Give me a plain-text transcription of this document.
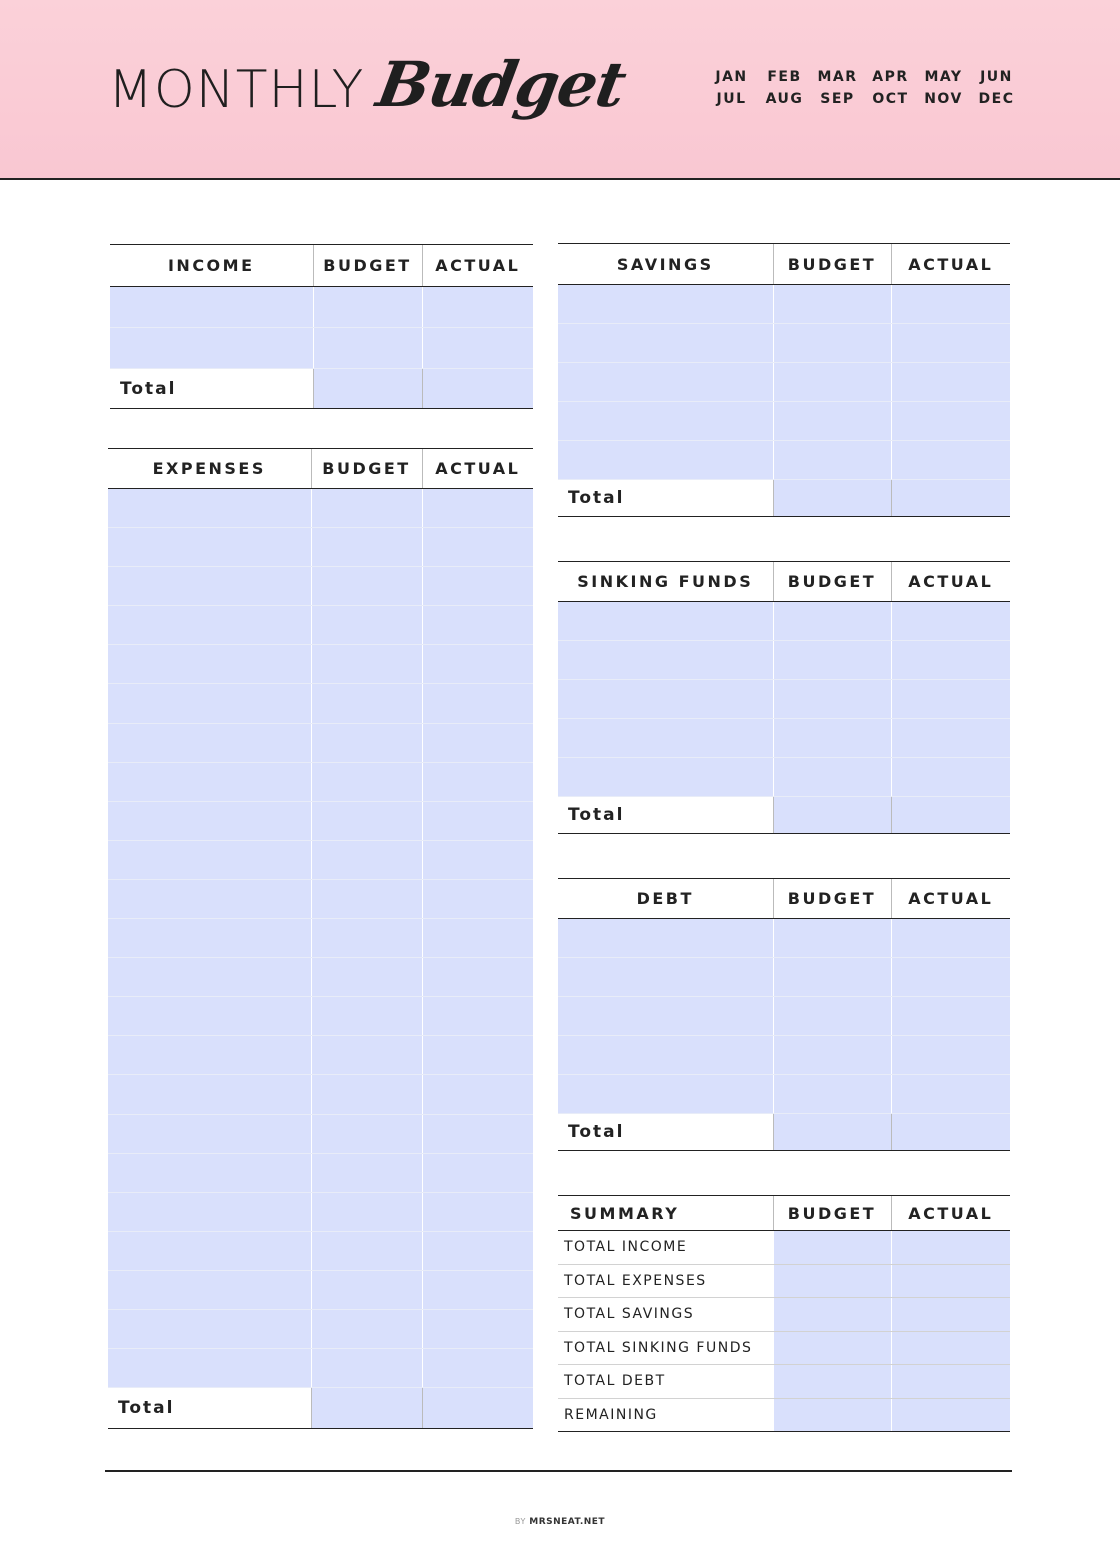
MONTHLY Budget	JAN	FEB	MAR	APR	MAY	JUN
JUL	AUG	SEP	OCT	NOV	DEC
INCOME	BUDGET	ACTUAL

Total		
EXPENSES	BUDGET	ACTUAL

Total		
SAVINGS	BUDGET	ACTUAL

Total		
SINKING FUNDS	BUDGET	ACTUAL

Total		
DEBT	BUDGET	ACTUAL

Total		
SUMMARY	BUDGET	ACTUAL
TOTAL INCOME		
TOTAL EXPENSES		
TOTAL SAVINGS		
TOTAL SINKING FUNDS		
TOTAL DEBT		
REMAINING		
BY MRSNEAT.NET
